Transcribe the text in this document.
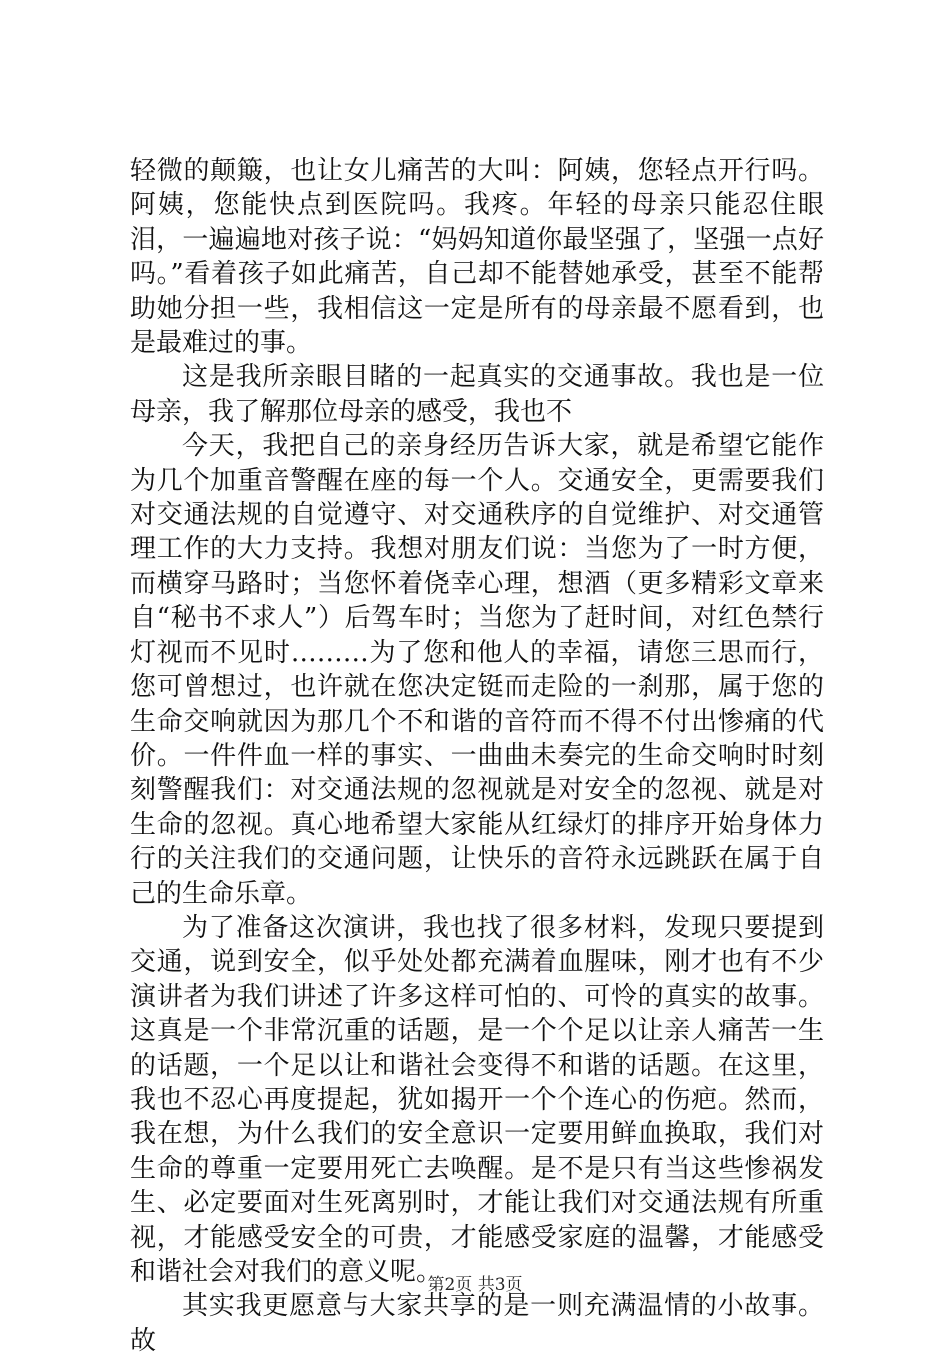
轻微的颠簸，也让女儿痛苦的大叫：阿姨，您轻点开行吗。阿姨，您能快点到医院吗。我疼。年轻的母亲只能忍住眼泪，一遍遍地对孩子说：“妈妈知道你最坚强了，坚强一点好吗。”看着孩子如此痛苦，自己却不能替她承受，甚至不能帮助她分担一些，我相信这一定是所有的母亲最不愿看到，也是最难过的事。

这是我所亲眼目睹的一起真实的交通事故。我也是一位母亲，我了解那位母亲的感受，我也不

今天，我把自己的亲身经历告诉大家，就是希望它能作为几个加重音警醒在座的每一个人。交通安全，更需要我们对交通法规的自觉遵守、对交通秩序的自觉维护、对交通管理工作的大力支持。我想对朋友们说：当您为了一时方便，而横穿马路时；当您怀着侥幸心理，想酒（更多精彩文章来自“秘书不求人”）后驾车时；当您为了赶时间，对红色禁行灯视而不见时………为了您和他人的幸福，请您三思而行，您可曾想过，也许就在您决定铤而走险的一刹那，属于您的生命交响就因为那几个不和谐的音符而不得不付出惨痛的代价。一件件血一样的事实、一曲曲未奏完的生命交响时时刻刻警醒我们：对交通法规的忽视就是对安全的忽视、就是对生命的忽视。真心地希望大家能从红绿灯的排序开始身体力行的关注我们的交通问题，让快乐的音符永远跳跃在属于自己的生命乐章。

为了准备这次演讲，我也找了很多材料，发现只要提到交通，说到安全，似乎处处都充满着血腥味，刚才也有不少演讲者为我们讲述了许多这样可怕的、可怜的真实的故事。这真是一个非常沉重的话题，是一个个足以让亲人痛苦一生的话题，一个足以让和谐社会变得不和谐的话题。在这里，我也不忍心再度提起，犹如揭开一个个连心的伤疤。然而，我在想，为什么我们的安全意识一定要用鲜血换取，我们对生命的尊重一定要用死亡去唤醒。是不是只有当这些惨祸发生、必定要面对生死离别时，才能让我们对交通法规有所重视，才能感受安全的可贵，才能感受家庭的温馨，才能感受和谐社会对我们的意义呢。

其实我更愿意与大家共享的是一则充满温情的小故事。故

第2页 共3页
